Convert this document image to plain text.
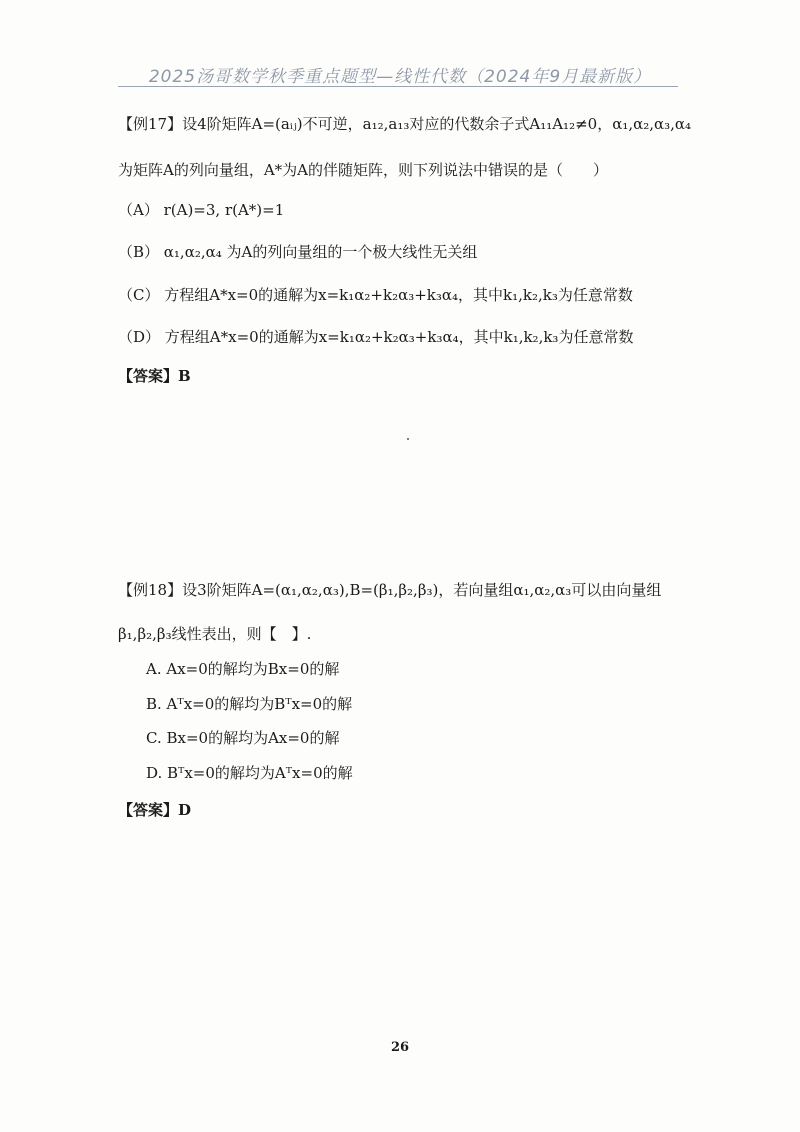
2025汤哥数学秋季重点题型—线性代数（2024年9月最新版）
【例17】设4阶矩阵A=(aᵢⱼ)不可逆，a₁₂,a₁₃对应的代数余子式A₁₁A₁₂≠0，α₁,α₂,α₃,α₄
为矩阵A的列向量组，A*为A的伴随矩阵，则下列说法中错误的是（　　）
（A） r(A)=3, r(A*)=1
（B） α₁,α₂,α₄ 为A的列向量组的一个极大线性无关组
（C） 方程组A*x=0的通解为x=k₁α₂+k₂α₃+k₃α₄，其中k₁,k₂,k₃为任意常数
（D） 方程组A*x=0的通解为x=k₁α₂+k₂α₃+k₃α₄，其中k₁,k₂,k₃为任意常数
【答案】B
【例18】设3阶矩阵A=(α₁,α₂,α₃),B=(β₁,β₂,β₃)，若向量组α₁,α₂,α₃可以由向量组
β₁,β₂,β₃线性表出，则【　】.
A. Ax=0的解均为Bx=0的解
B. Aᵀx=0的解均为Bᵀx=0的解
C. Bx=0的解均为Ax=0的解
D. Bᵀx=0的解均为Aᵀx=0的解
【答案】D
26
